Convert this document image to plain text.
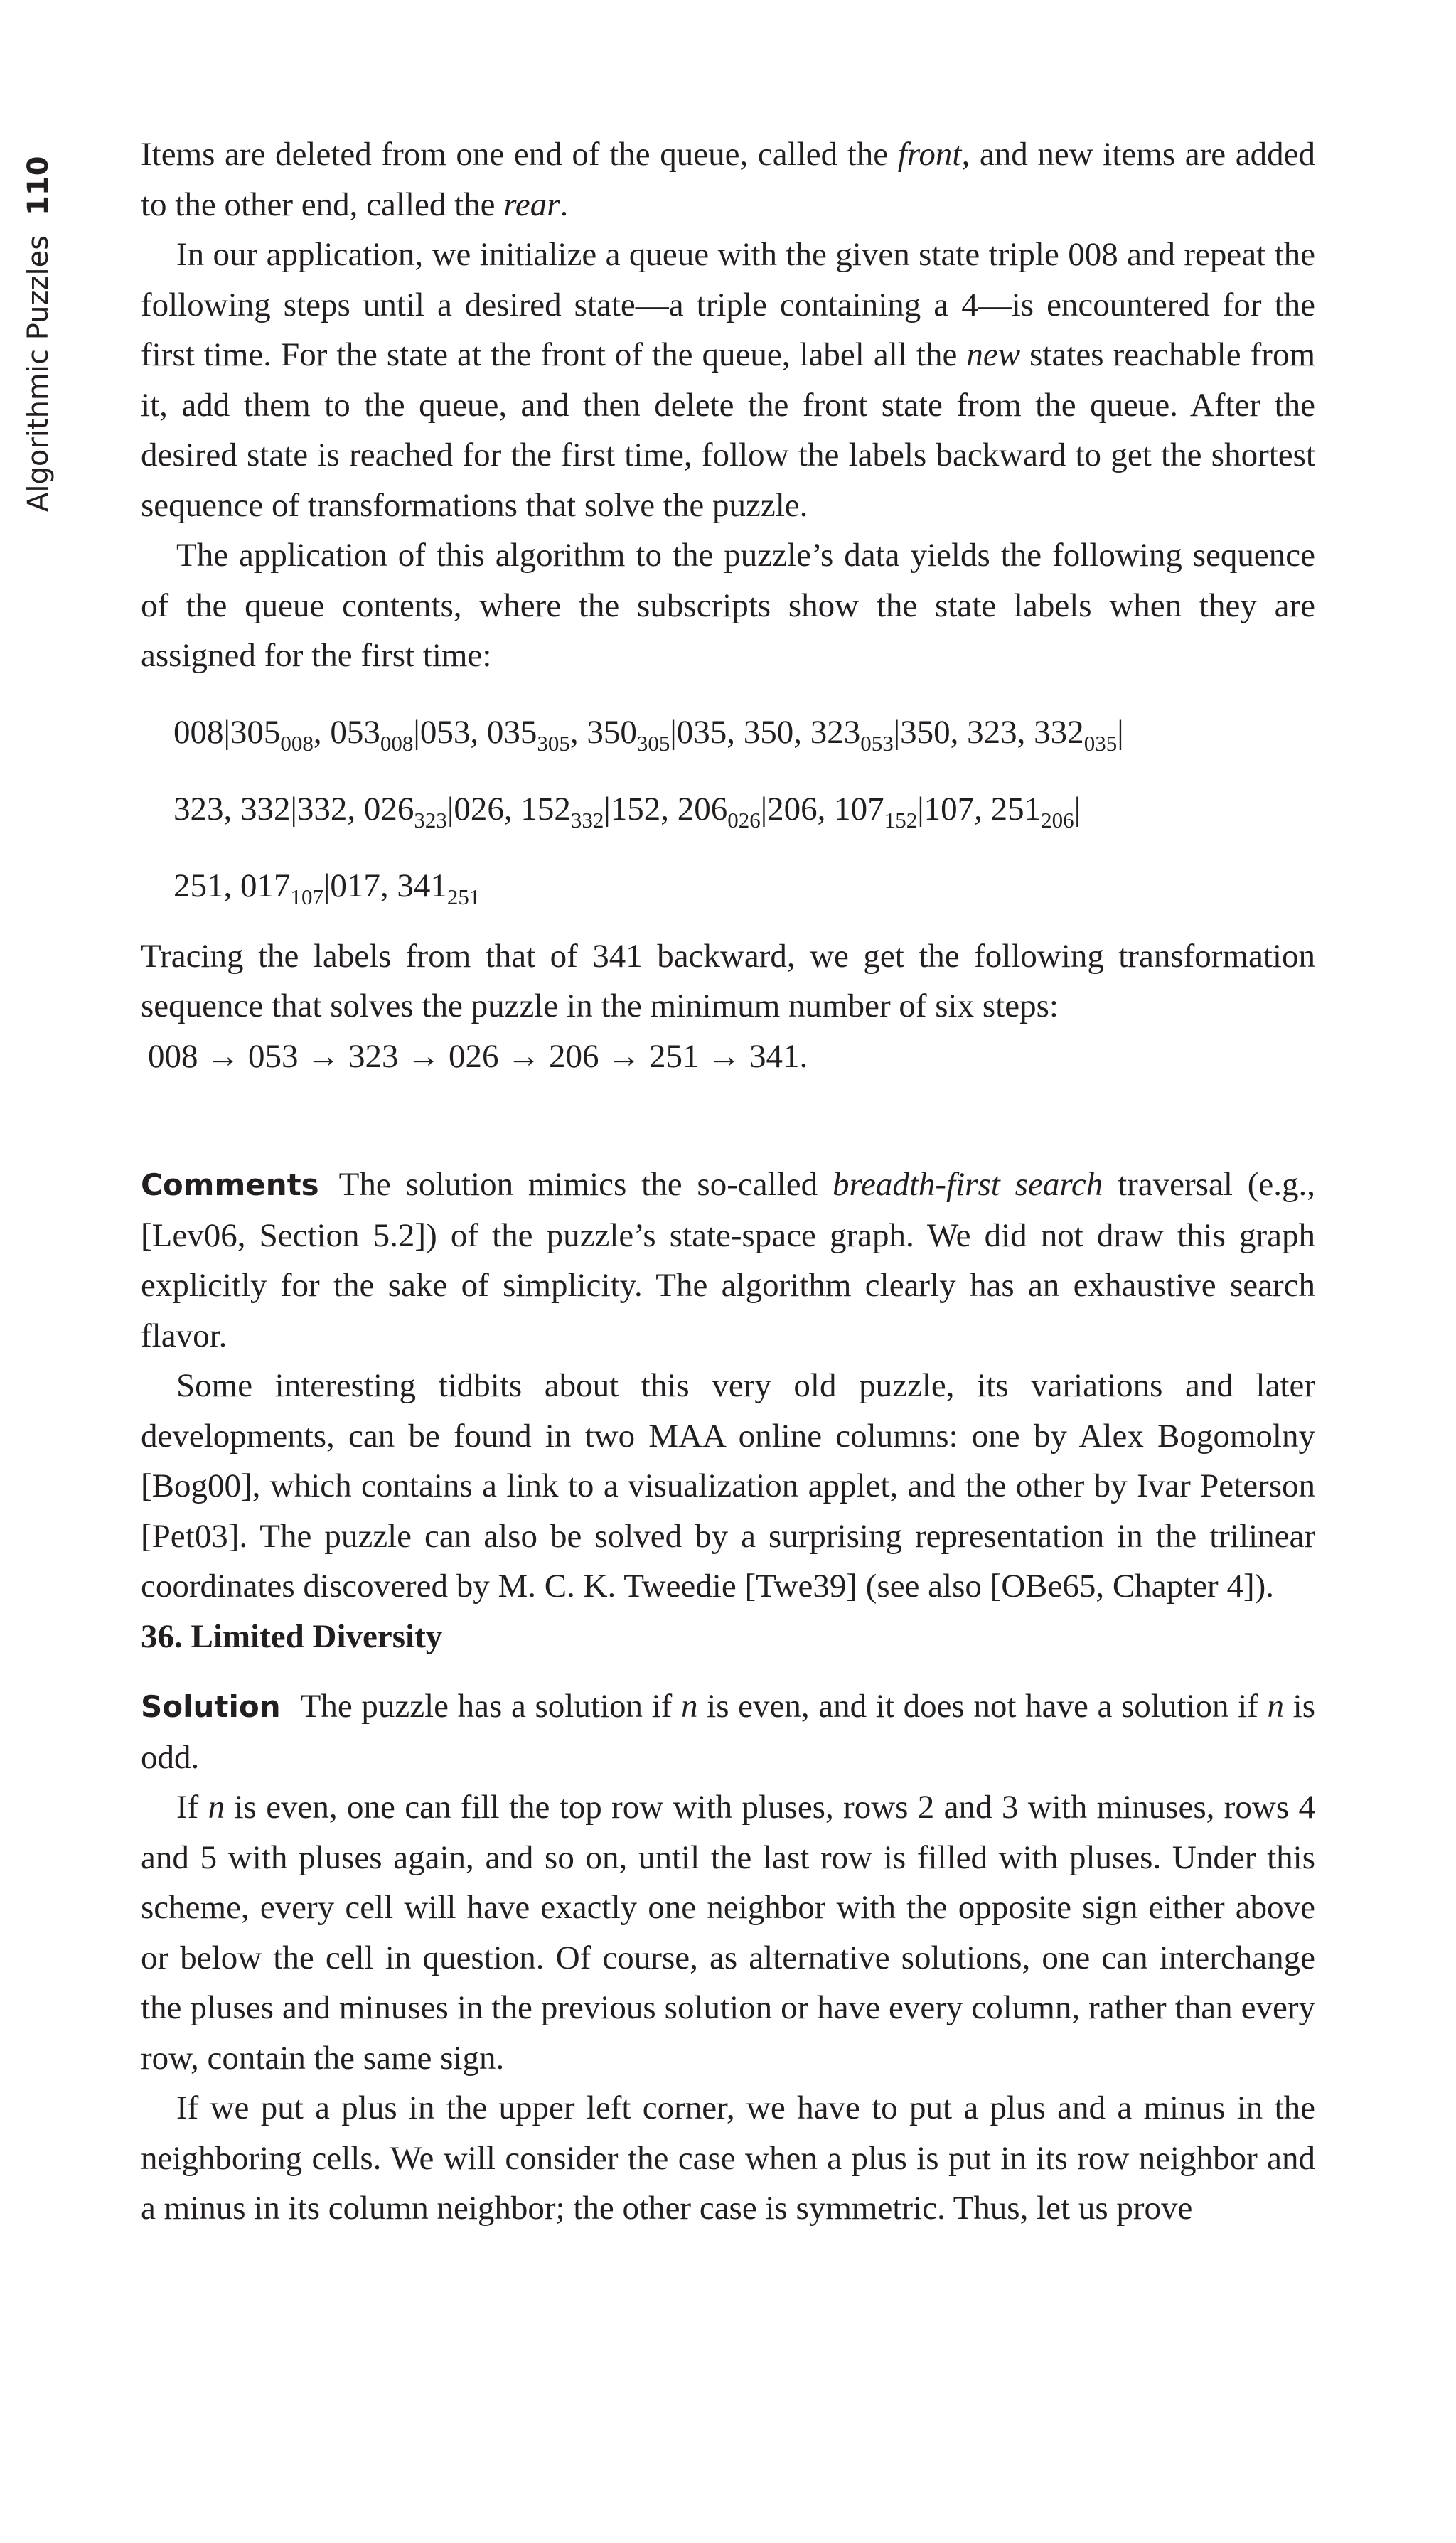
Algorithmic Puzzles
110

Items are deleted from one end of the queue, called the front, and new items are added to the other end, called the rear.

In our application, we initialize a queue with the given state triple 008 and repeat the following steps until a desired state—a triple containing a 4—is encountered for the first time. For the state at the front of the queue, label all the new states reachable from it, add them to the queue, and then delete the front state from the queue. After the desired state is reached for the first time, follow the labels backward to get the shortest sequence of transformations that solve the puzzle.

The application of this algorithm to the puzzle’s data yields the following sequence of the queue contents, where the subscripts show the state labels when they are assigned for the first time:

$008|305_{008}$, $053_{008}|053$, $035_{305}$, $350_{305}|035$, 350, $323_{053}|350$, 323, $332_{035}|$
323, 332|332, $026_{323}|026$, $152_{332}|152$, $206_{026}|206$, $107_{152}|107$, $251_{206}|$
251, $017_{107}|017$, $341_{251}$

Tracing the labels from that of 341 backward, we get the following transformation sequence that solves the puzzle in the minimum number of six steps:

008 → 053 → 323 → 026 → 206 → 251 → 341.

Comments The solution mimics the so-called breadth-first search traversal (e.g., [Lev06, Section 5.2]) of the puzzle’s state-space graph. We did not draw this graph explicitly for the sake of simplicity. The algorithm clearly has an exhaustive search flavor.

Some interesting tidbits about this very old puzzle, its variations and later developments, can be found in two MAA online columns: one by Alex Bogomolny [Bog00], which contains a link to a visualization applet, and the other by Ivar Peterson [Pet03]. The puzzle can also be solved by a surprising representation in the trilinear coordinates discovered by M. C. K. Tweedie [Twe39] (see also [OBe65, Chapter 4]).

36. Limited Diversity

Solution The puzzle has a solution if n is even, and it does not have a solution if n is odd.

If n is even, one can fill the top row with pluses, rows 2 and 3 with minuses, rows 4 and 5 with pluses again, and so on, until the last row is filled with pluses. Under this scheme, every cell will have exactly one neighbor with the opposite sign either above or below the cell in question. Of course, as alternative solutions, one can interchange the pluses and minuses in the previous solution or have every column, rather than every row, contain the same sign.

If we put a plus in the upper left corner, we have to put a plus and a minus in the neighboring cells. We will consider the case when a plus is put in its row neighbor and a minus in its column neighbor; the other case is symmetric. Thus, let us prove
